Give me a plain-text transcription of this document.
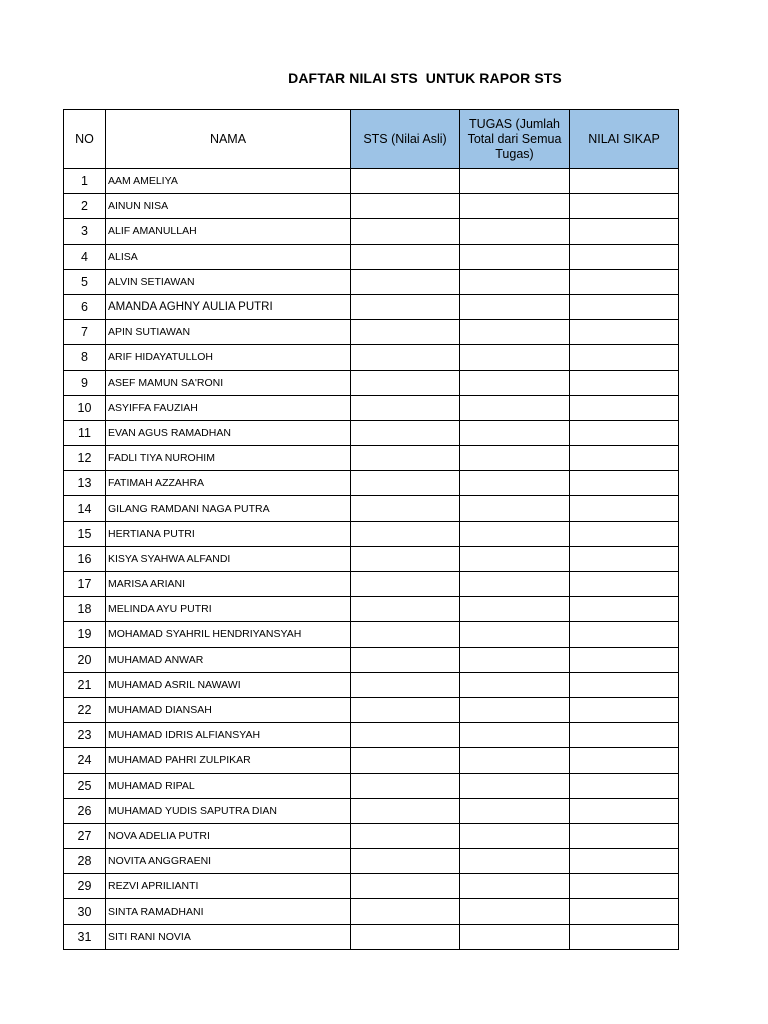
DAFTAR NILAI STS  UNTUK RAPOR STS
NO	NAMA	STS (Nilai Asli)	TUGAS (Jumlah Total dari Semua Tugas)	NILAI SIKAP
1	AAM AMELIYA			
2	AINUN NISA			
3	ALIF AMANULLAH			
4	ALISA			
5	ALVIN SETIAWAN			
6	AMANDA AGHNY AULIA PUTRI			
7	APIN SUTIAWAN			
8	ARIF HIDAYATULLOH			
9	ASEF MAMUN SA'RONI			
10	ASYIFFA FAUZIAH			
11	EVAN AGUS RAMADHAN			
12	FADLI TIYA NUROHIM			
13	FATIMAH AZZAHRA			
14	GILANG RAMDANI NAGA PUTRA			
15	HERTIANA PUTRI			
16	KISYA SYAHWA ALFANDI			
17	MARISA ARIANI			
18	MELINDA AYU PUTRI			
19	MOHAMAD SYAHRIL HENDRIYANSYAH			
20	MUHAMAD ANWAR			
21	MUHAMAD ASRIL NAWAWI			
22	MUHAMAD DIANSAH			
23	MUHAMAD IDRIS ALFIANSYAH			
24	MUHAMAD PAHRI ZULPIKAR			
25	MUHAMAD RIPAL			
26	MUHAMAD YUDIS SAPUTRA DIAN			
27	NOVA ADELIA PUTRI			
28	NOVITA ANGGRAENI			
29	REZVI APRILIANTI			
30	SINTA RAMADHANI			
31	SITI RANI NOVIA			
